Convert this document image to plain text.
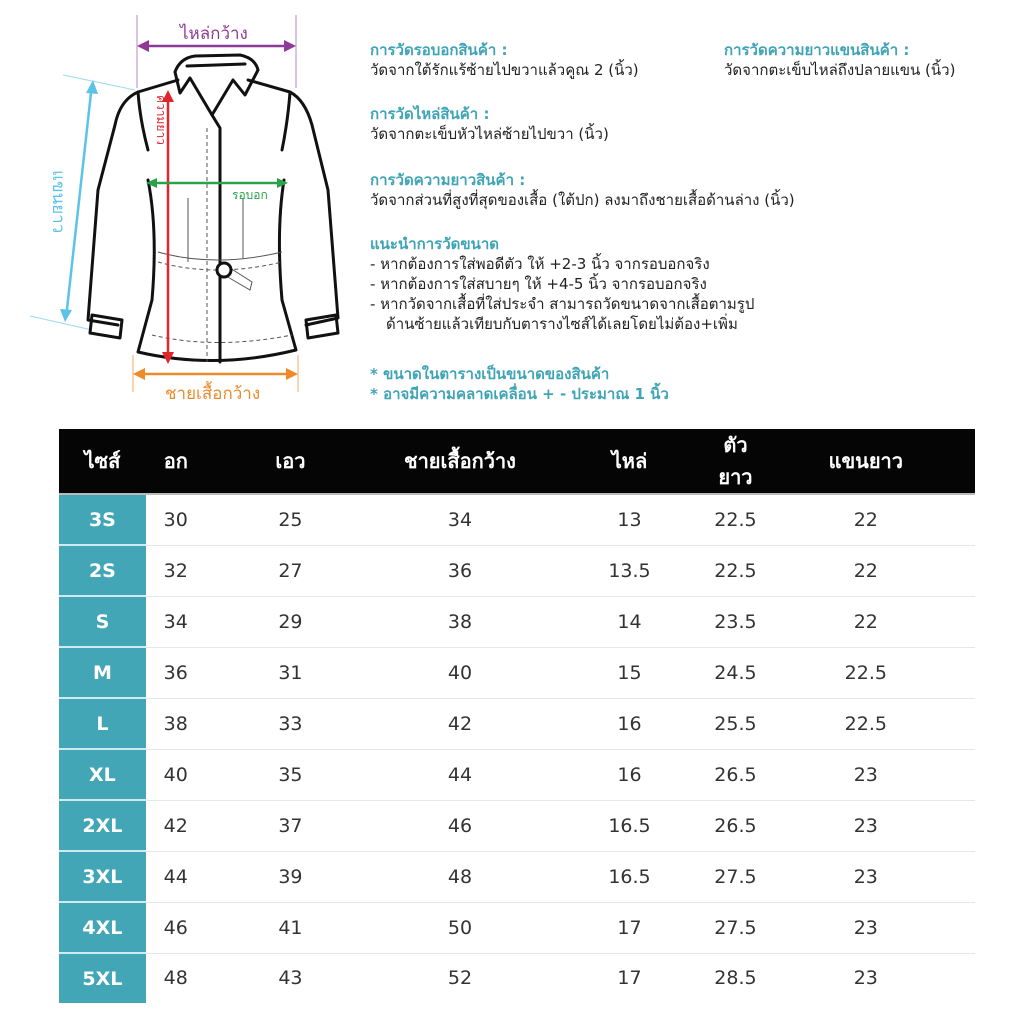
ไหล่กว้าง
ชายเสื้อกว้าง
แขนยาว
ความยาว
รอบอก
การวัดรอบอกสินค้า :
วัดจากใต้รักแร้ซ้ายไปขวาแล้วคูณ 2 (นิ้ว)
การวัดความยาวแขนสินค้า :
วัดจากตะเข็บไหล่ถึงปลายแขน (นิ้ว)
การวัดไหล่สินค้า :
วัดจากตะเข็บหัวไหล่ซ้ายไปขวา (นิ้ว)
การวัดความยาวสินค้า :
วัดจากส่วนที่สูงที่สุดของเสื้อ (ใต้ปก) ลงมาถึงชายเสื้อด้านล่าง (นิ้ว)
แนะนำการวัดขนาด
- หากต้องการใส่พอดีตัว ให้ +2-3 นิ้ว จากรอบอกจริง
- หากต้องการใส่สบายๆ ให้ +4-5 นิ้ว จากรอบอกจริง
- หากวัดจากเสื้อที่ใส่ประจำ สามารถวัดขนาดจากเสื้อตามรูป
ด้านซ้ายแล้วเทียบกับตารางไซส์ได้เลยโดยไม่ต้อง+เพิ่ม
* ขนาดในตารางเป็นขนาดของสินค้า
* อาจมีความคลาดเคลื่อน + - ประมาณ 1 นิ้ว
ไซส์	อก	เอว	ชายเสื้อกว้าง	ไหล่	ตัวยาว	แขนยาว
3S	30	25	34	13	22.5	22
2S	32	27	36	13.5	22.5	22
S	34	29	38	14	23.5	22
M	36	31	40	15	24.5	22.5
L	38	33	42	16	25.5	22.5
XL	40	35	44	16	26.5	23
2XL	42	37	46	16.5	26.5	23
3XL	44	39	48	16.5	27.5	23
4XL	46	41	50	17	27.5	23
5XL	48	43	52	17	28.5	23
